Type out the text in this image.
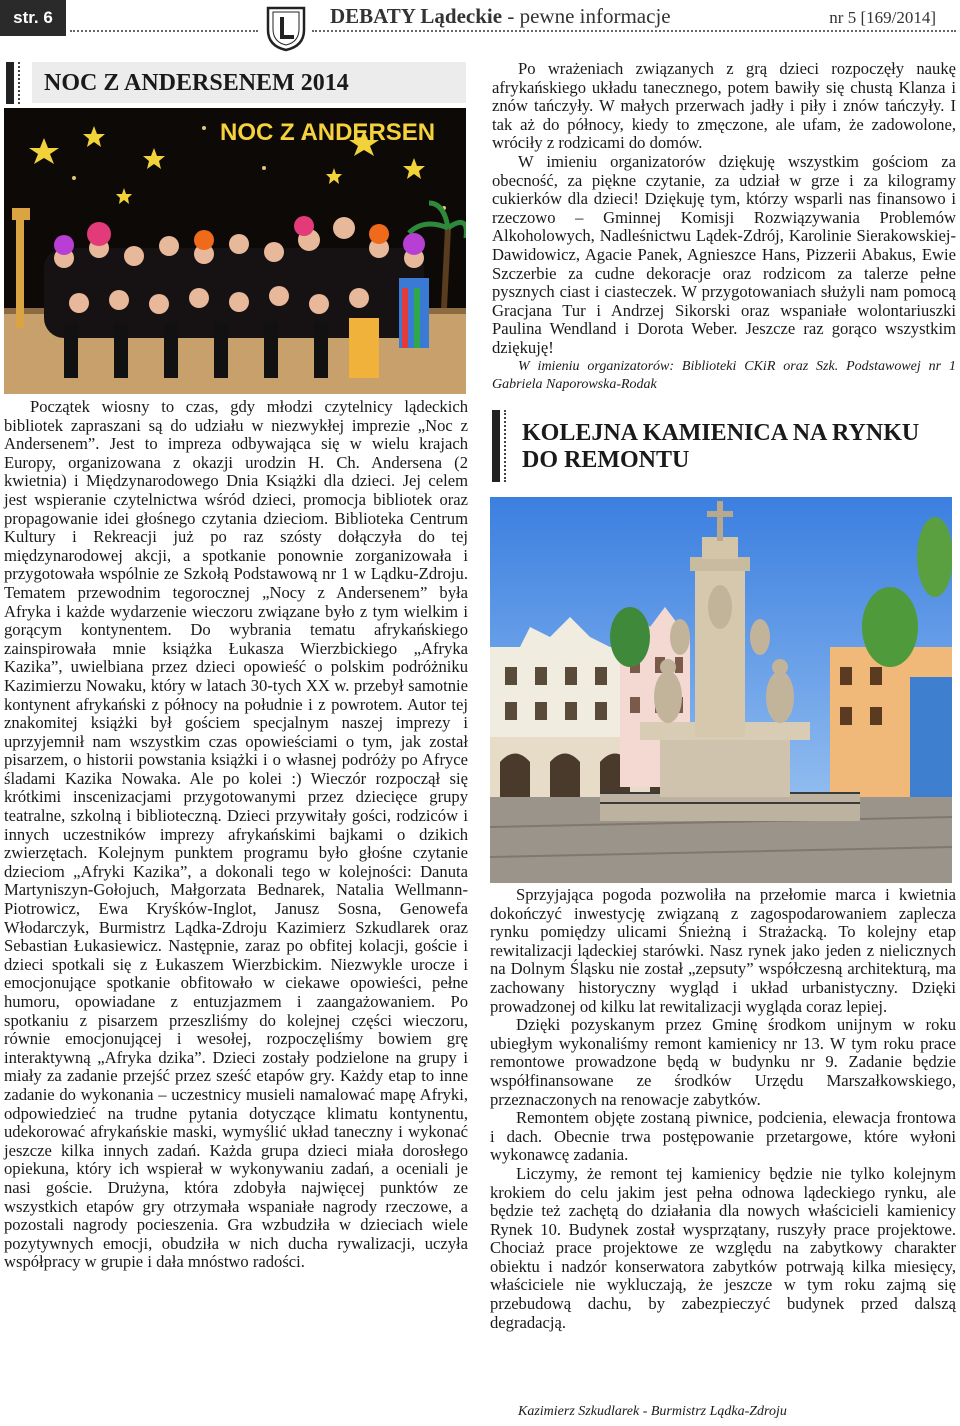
str. 6	DEBATY Lądeckie - pewne informacje	nr 5 [169/2014]
NOC Z ANDERSENEM 2014
NOC Z ANDERSEN

Początek wiosny to czas, gdy młodzi czytelnicy lądeckich bibliotek zapraszani są do udziału w niezwykłej imprezie „Noc z Andersenem”. Jest to impreza odbywająca się w wielu krajach Europy, organizowana z okazji urodzin H. Ch. Andersena (2 kwietnia) i Międzynarodowego Dnia Książki dla dzieci. Jej celem jest wspieranie czytelnictwa wśród dzieci, promocja bibliotek oraz propagowanie idei głośnego czytania dzieciom. Biblioteka Centrum Kultury i Rekreacji już po raz szósty dołączyła do tej międzynarodowej akcji, a spotkanie ponownie zorganizowała i przygotowała wspólnie ze Szkołą Podstawową nr 1 w Lądku-Zdroju. Tematem przewodnim tegorocznej „Nocy z Andersenem” była Afryka i każde wydarzenie wieczoru związane było z tym wielkim i gorącym kontynentem. Do wybrania tematu afrykańskiego zainspirowała mnie książka Łukasza Wierzbickiego „Afryka Kazika”, uwielbiana przez dzieci opowieść o polskim podróżniku Kazimierzu Nowaku, który w latach 30-tych XX w. przebył samotnie kontynent afrykański z północy na południe i z powrotem. Autor tej znakomitej książki był gościem specjalnym naszej imprezy i uprzyjemnił nam wszystkim czas opowieściami o tym, jak został pisarzem, o historii powstania książki i o własnej podróży po Afryce śladami Kazika Nowaka. Ale po kolei :) Wieczór rozpoczął się krótkimi inscenizacjami przygotowanymi przez dziecięce grupy teatralne, szkolną i biblioteczną. Dzieci przywitały gości, rodziców i innych uczestników imprezy afrykańskimi bajkami o dzikich zwierzętach. Kolejnym punktem programu było głośne czytanie dzieciom „Afryki Kazika”, a dokonali tego w kolejności: Danuta Martyniszyn-Gołojuch, Małgorzata Bednarek, Natalia Wellmann-Piotrowicz, Ewa Kryśków-Inglot, Janusz Sosna, Genowefa Włodarczyk, Burmistrz Lądka-Zdroju Kazimierz Szkudlarek oraz Sebastian Łukasiewicz. Następnie, zaraz po obfitej kolacji, goście i dzieci spotkali się z Łukaszem Wierzbickim. Niezwykle urocze i emocjonujące spotkanie obfitowało w ciekawe opowieści, pełne humoru, opowiadane z entuzjazmem i zaangażowaniem. Po spotkaniu z pisarzem przeszliśmy do kolejnej części wieczoru, równie emocjonującej i wesołej, rozpoczęliśmy bowiem grę interaktywną „Afryka dzika”. Dzieci zostały podzielone na grupy i miały za zadanie przejść przez sześć etapów gry. Każdy etap to inne zadanie do wykonania – uczestnicy musieli namalować mapę Afryki, odpowiedzieć na trudne pytania dotyczące klimatu kontynentu, udekorować afrykańskie maski, wymyślić układ taneczny i wykonać jeszcze kilka innych zadań. Każda grupa dzieci miała dorosłego opiekuna, który ich wspierał w wykonywaniu zadań, a oceniali je nasi goście. Drużyna, która zdobyła najwięcej punktów ze wszystkich etapów gry otrzymała wspaniałe nagrody rzeczowe, a pozostali nagrody pocieszenia. Gra wzbudziła w dzieciach wiele pozytywnych emocji, obudziła w nich ducha rywalizacji, uczyła współpracy w grupie i dała mnóstwo radości.

Po wrażeniach związanych z grą dzieci rozpoczęły naukę afrykańskiego układu tanecznego, potem bawiły się chustą Klanza i znów tańczyły. W małych przerwach jadły i piły i znów tańczyły. I tak aż do północy, kiedy to zmęczone, ale ufam, że zadowolone, wróciły z rodzicami do domów.

W imieniu organizatorów dziękuję wszystkim gościom za obecność, za piękne czytanie, za udział w grze i za kilogramy cukierków dla dzieci! Dziękuję tym, którzy wsparli nas finansowo i rzeczowo – Gminnej Komisji Rozwiązywania Problemów Alkoholowych, Nadleśnictwu Lądek-Zdrój, Karolinie Sierakowskiej-Dawidowicz, Agacie Panek, Agnieszce Hans, Pizzerii Abakus, Ewie Szczerbie za cudne dekoracje oraz rodzicom za talerze pełne pysznych ciast i ciasteczek. W przygotowaniach służyli nam pomocą Gracjana Tur i Andrzej Sikorski oraz wspaniałe wolontariuszki Paulina Wendland i Dorota Weber. Jeszcze raz gorąco wszystkim dziękuję!

W imieniu organizatorów: Biblioteki CKiR oraz Szk. Podstawowej nr 1 Gabriela Naporowska-Rodak

KOLEJNA KAMIENICA NA RYNKU DO REMONTU

Sprzyjająca pogoda pozwoliła na przełomie marca i kwietnia dokończyć inwestycję związaną z zagospodarowaniem zaplecza rynku pomiędzy ulicami Śnieżną i Strażacką. To kolejny etap rewitalizacji lądeckiej starówki. Nasz rynek jako jeden z nielicznych na Dolnym Śląsku nie został „zepsuty” współczesną architekturą, ma zachowany historyczny wygląd i układ urbanistyczny. Dzięki prowadzonej od kilku lat rewitalizacji wygląda coraz lepiej.

Dzięki pozyskanym przez Gminę środkom unijnym w roku ubiegłym wykonaliśmy remont kamienicy nr 13. W tym roku prace remontowe prowadzone będą w budynku nr 9. Zadanie będzie współfinansowane ze środków Urzędu Marszałkowskiego, przeznaczonych na renowacje zabytków.

Remontem objęte zostaną piwnice, podcienia, elewacja frontowa i dach. Obecnie trwa postępowanie przetargowe, które wyłoni wykonawcę zadania.

Liczymy, że remont tej kamienicy będzie nie tylko kolejnym krokiem do celu jakim jest pełna odnowa lądeckiego rynku, ale będzie też zachętą do działania dla nowych właścicieli kamienicy Rynek 10. Budynek został wysprzątany, ruszyły prace projektowe. Chociaż prace projektowe ze względu na zabytkowy charakter obiektu i nadzór konserwatora zabytków potrwają kilka miesięcy, właściciele nie wykluczają, że jeszcze w tym roku zajmą się przebudową dachu, by zabezpieczyć budynek przed dalszą degradacją.

Kazimierz Szkudlarek - Burmistrz Lądka-Zdroju
